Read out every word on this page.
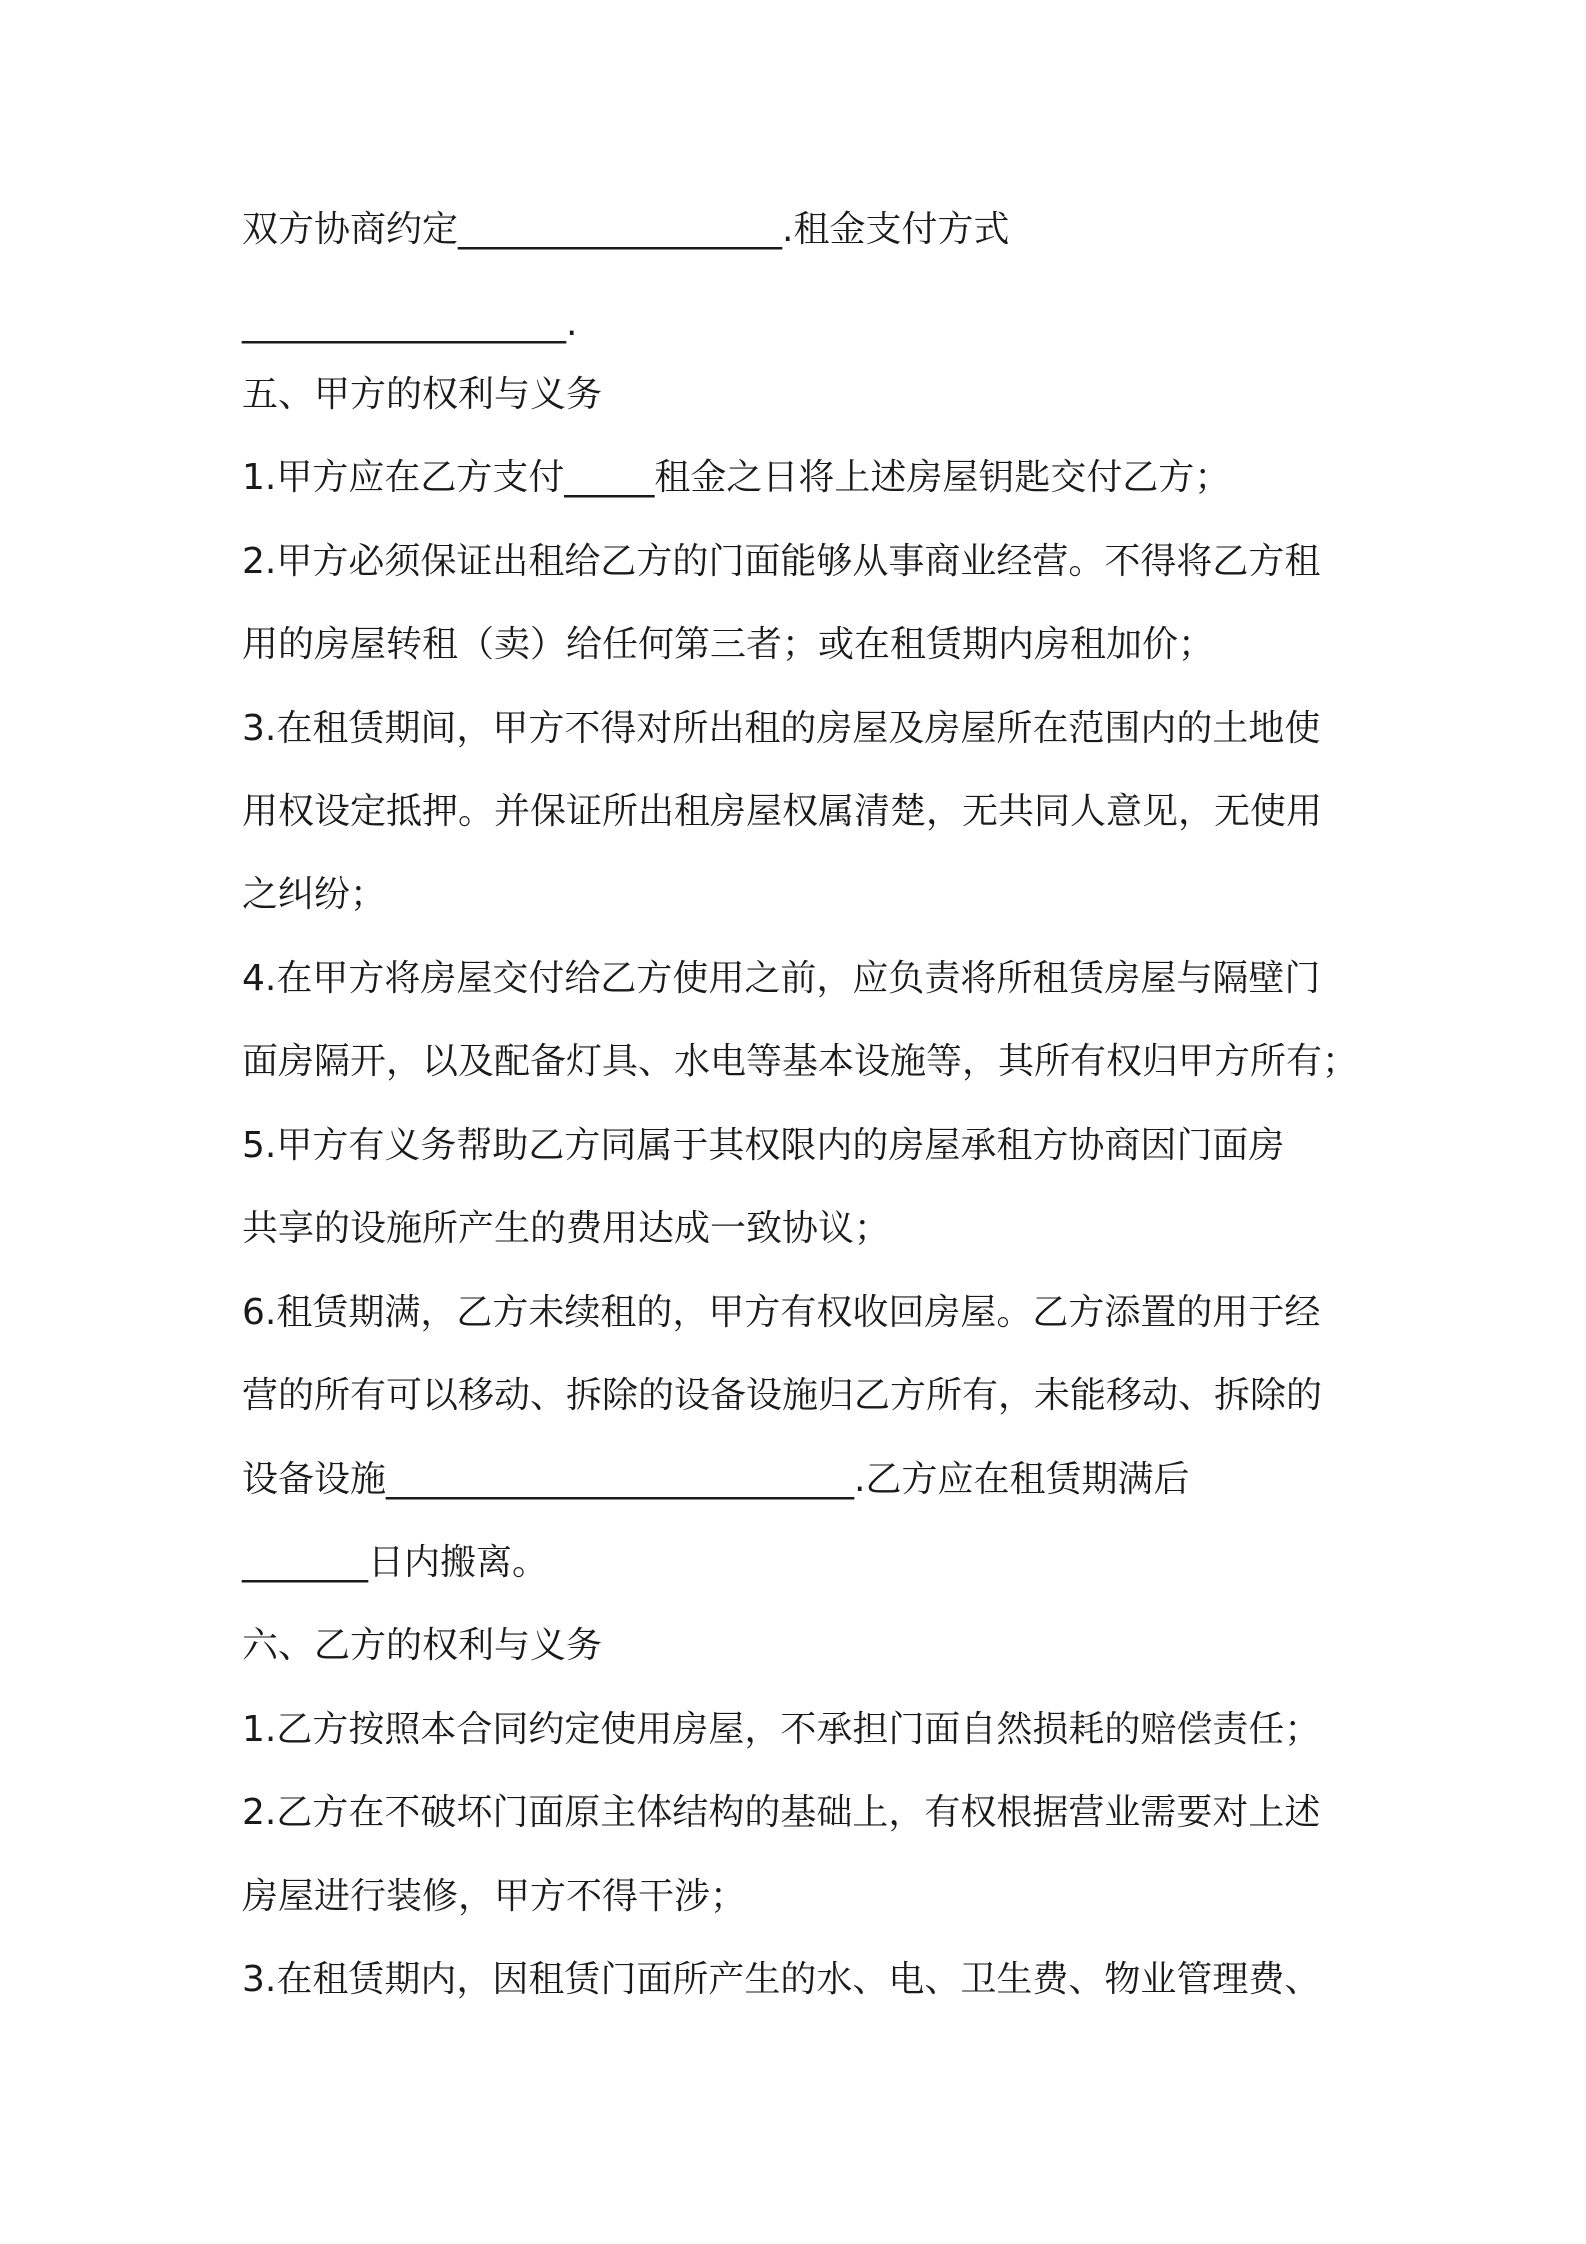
双方协商约定__________________.租金支付方式
__________________.
五、甲方的权利与义务
1.甲方应在乙方支付_____租金之日将上述房屋钥匙交付乙方；
2.甲方必须保证出租给乙方的门面能够从事商业经营。不得将乙方租
用的房屋转租（卖）给任何第三者；或在租赁期内房租加价；
3.在租赁期间，甲方不得对所出租的房屋及房屋所在范围内的土地使
用权设定抵押。并保证所出租房屋权属清楚，无共同人意见，无使用
之纠纷；
4.在甲方将房屋交付给乙方使用之前，应负责将所租赁房屋与隔壁门
面房隔开，以及配备灯具、水电等基本设施等，其所有权归甲方所有；
5.甲方有义务帮助乙方同属于其权限内的房屋承租方协商因门面房
共享的设施所产生的费用达成一致协议；
6.租赁期满，乙方未续租的，甲方有权收回房屋。乙方添置的用于经
营的所有可以移动、拆除的设备设施归乙方所有，未能移动、拆除的
设备设施__________________________.乙方应在租赁期满后
_______日内搬离。
六、乙方的权利与义务
1.乙方按照本合同约定使用房屋，不承担门面自然损耗的赔偿责任；
2.乙方在不破坏门面原主体结构的基础上，有权根据营业需要对上述
房屋进行装修，甲方不得干涉；
3.在租赁期内，因租赁门面所产生的水、电、卫生费、物业管理费、
